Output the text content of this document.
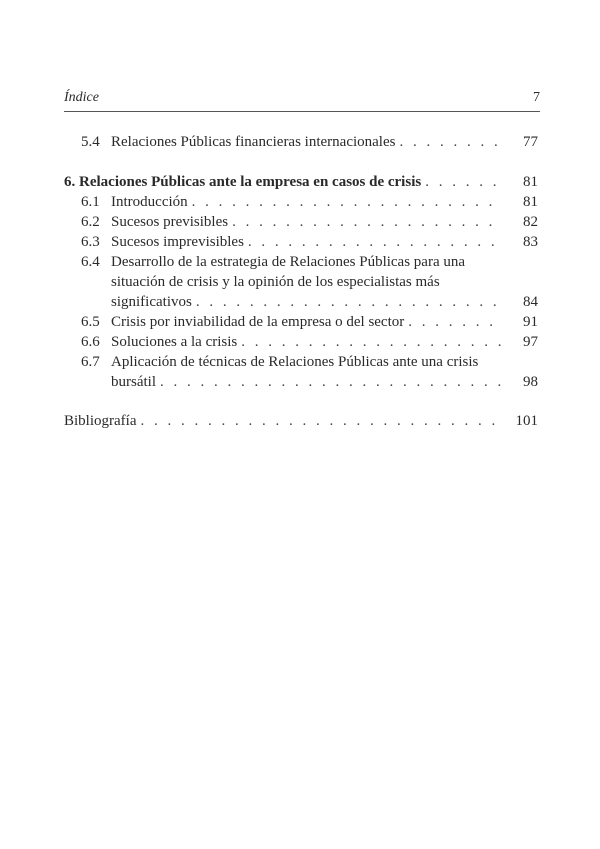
Índice	7
5.4 Relaciones Públicas financieras internacionales . . .	77
6. Relaciones Públicas ante la empresa en casos de crisis . . .	81
6.1 Introducción . . .	81
6.2 Sucesos previsibles . . .	82
6.3 Sucesos imprevisibles . . .	83
6.4 Desarrollo de la estrategia de Relaciones Públicas para una
situación de crisis y la opinión de los especialistas más
significativos . . .	84
6.5 Crisis por inviabilidad de la empresa o del sector . . .	91
6.6 Soluciones a la crisis . . .	97
6.7 Aplicación de técnicas de Relaciones Públicas ante una crisis
bursátil . . .	98
Bibliografía . . .	101
